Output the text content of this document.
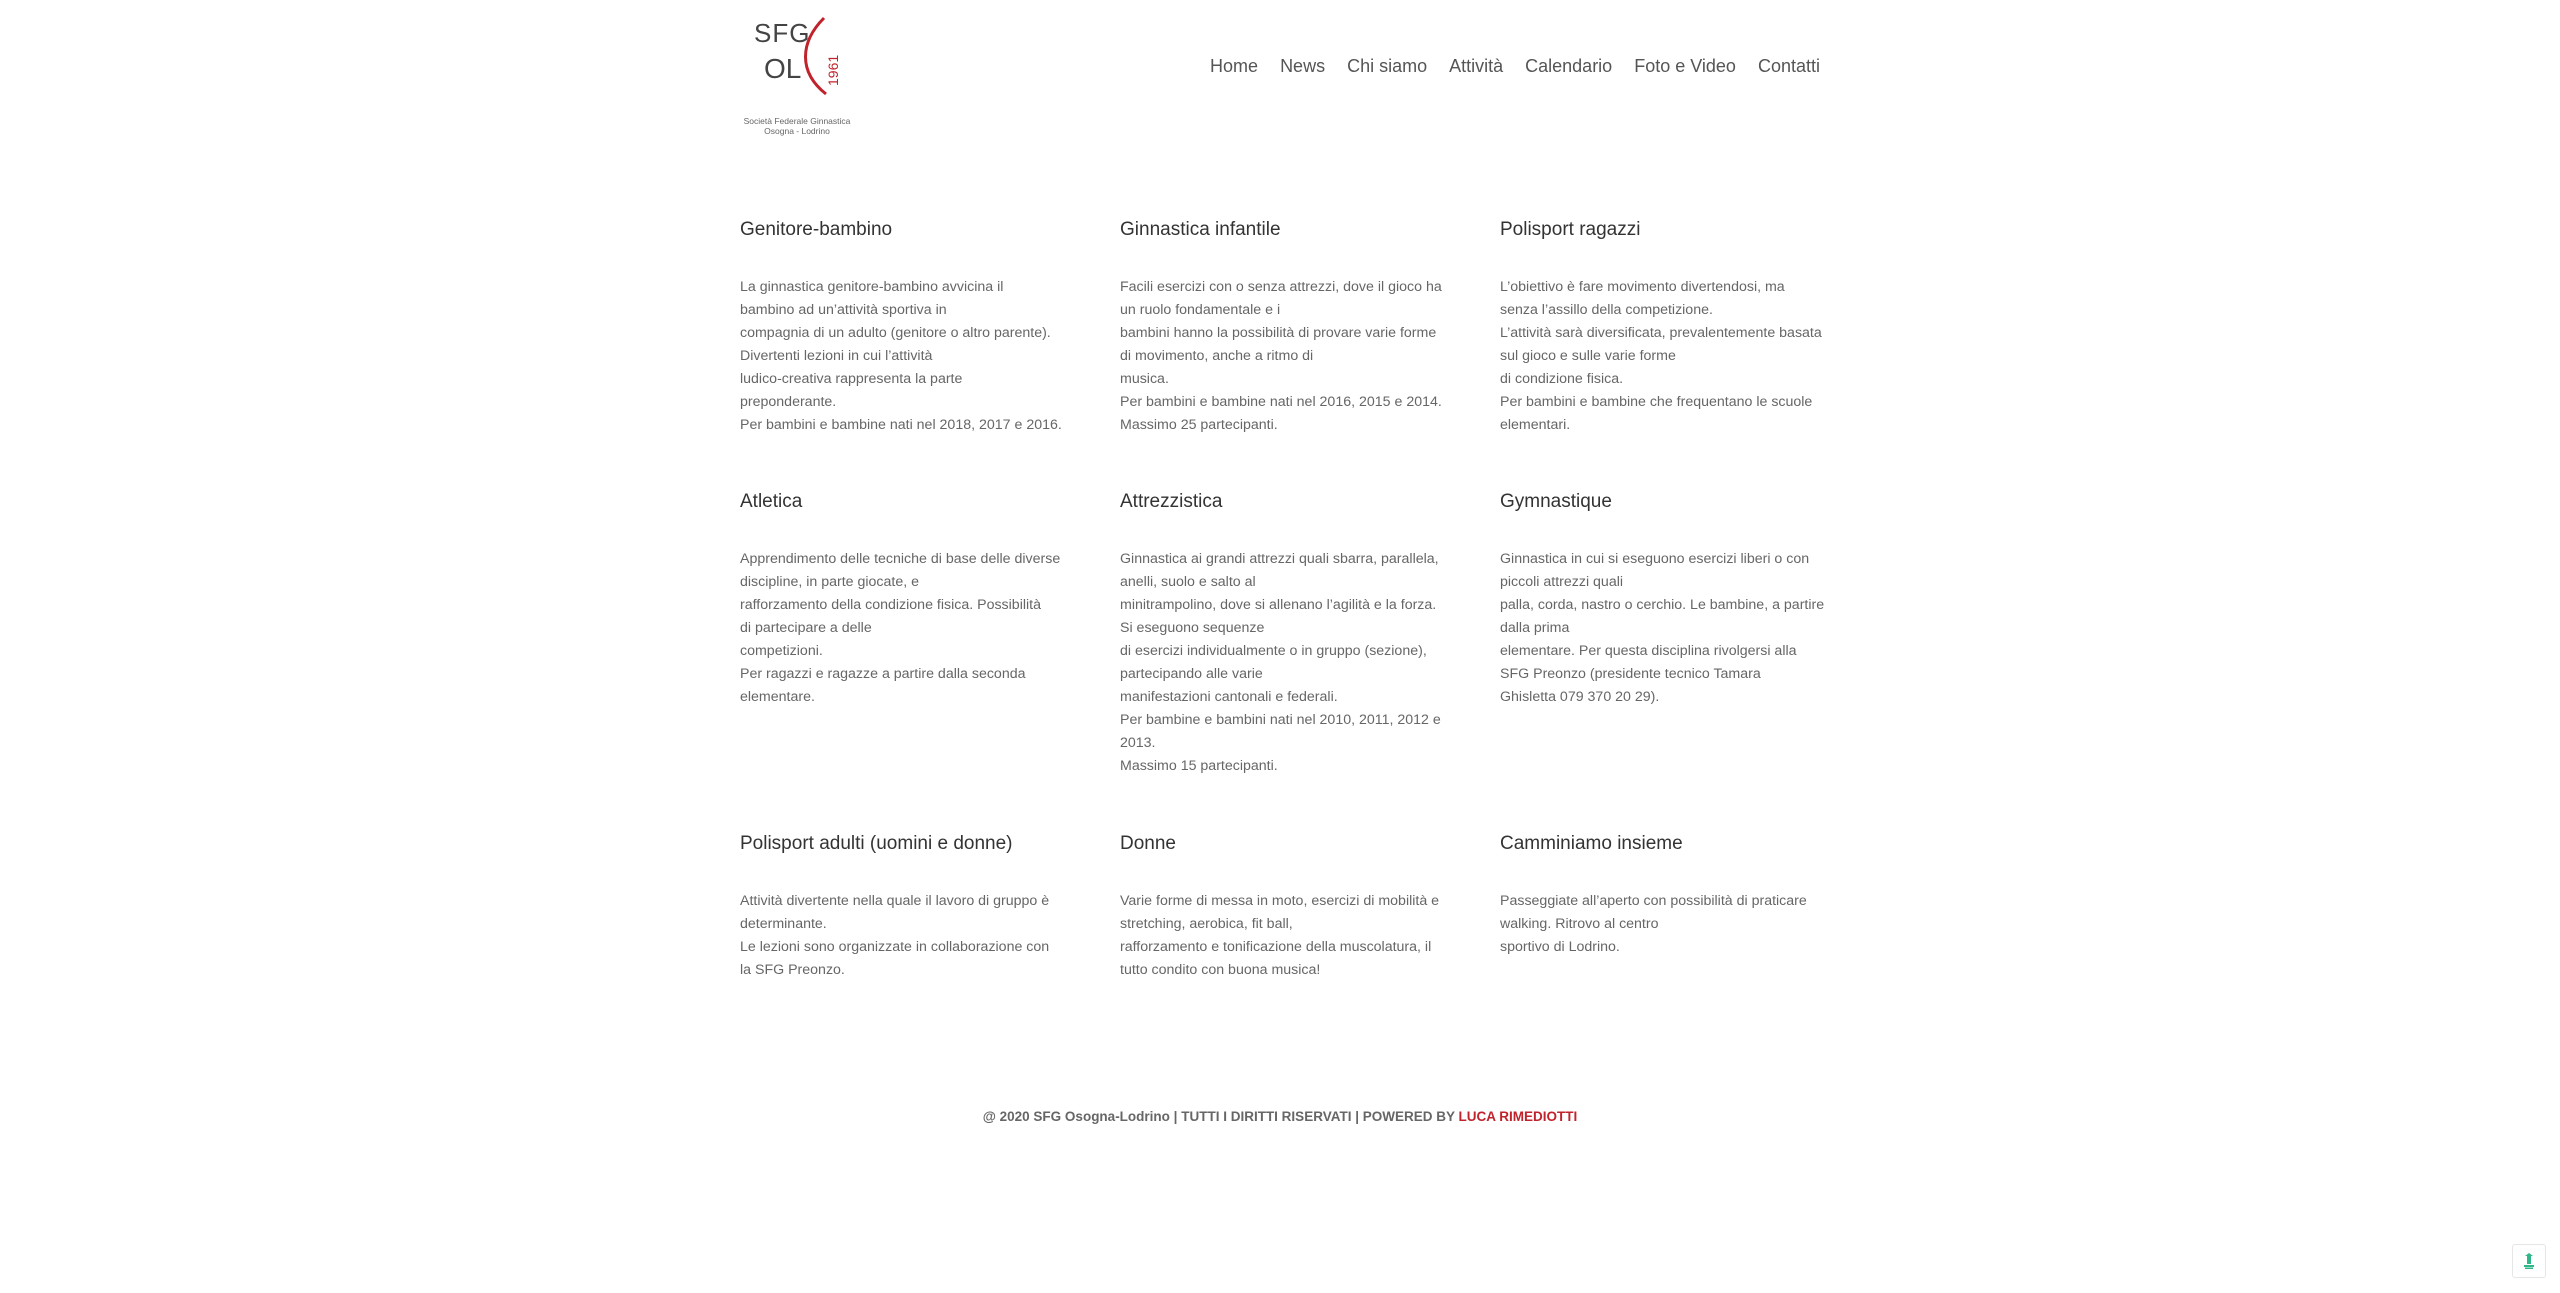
SFG
OL 1961
Società Federale Ginnastica
Osogna - Lodrino
Home News Chi siamo Attività Calendario Foto e Video Contatti
Genitore-bambino
La ginnastica genitore-bambino avvicina il
bambino ad un’attività sportiva in
compagnia di un adulto (genitore o altro parente).
Divertenti lezioni in cui l’attività
ludico-creativa rappresenta la parte
preponderante.
Per bambini e bambine nati nel 2018, 2017 e 2016.
Ginnastica infantile
Facili esercizi con o senza attrezzi, dove il gioco ha
un ruolo fondamentale e i
bambini hanno la possibilità di provare varie forme
di movimento, anche a ritmo di
musica.
Per bambini e bambine nati nel 2016, 2015 e 2014.
Massimo 25 partecipanti.
Polisport ragazzi
L’obiettivo è fare movimento divertendosi, ma
senza l’assillo della competizione.
L’attività sarà diversificata, prevalentemente basata
sul gioco e sulle varie forme
di condizione fisica.
Per bambini e bambine che frequentano le scuole
elementari.
Atletica
Apprendimento delle tecniche di base delle diverse
discipline, in parte giocate, e
rafforzamento della condizione fisica. Possibilità
di partecipare a delle
competizioni.
Per ragazzi e ragazze a partire dalla seconda
elementare.
Attrezzistica
Ginnastica ai grandi attrezzi quali sbarra, parallela,
anelli, suolo e salto al
minitrampolino, dove si allenano l’agilità e la forza.
Si eseguono sequenze
di esercizi individualmente o in gruppo (sezione),
partecipando alle varie
manifestazioni cantonali e federali.
Per bambine e bambini nati nel 2010, 2011, 2012 e
2013.
Massimo 15 partecipanti.
Gymnastique
Ginnastica in cui si eseguono esercizi liberi o con
piccoli attrezzi quali
palla, corda, nastro o cerchio. Le bambine, a partire
dalla prima
elementare. Per questa disciplina rivolgersi alla
SFG Preonzo (presidente tecnico Tamara
Ghisletta 079 370 20 29).
Polisport adulti (uomini e donne)
Attività divertente nella quale il lavoro di gruppo è
determinante.
Le lezioni sono organizzate in collaborazione con
la SFG Preonzo.
Donne
Varie forme di messa in moto, esercizi di mobilità e
stretching, aerobica, fit ball,
rafforzamento e tonificazione della muscolatura, il
tutto condito con buona musica!
Camminiamo insieme
Passeggiate all’aperto con possibilità di praticare
walking. Ritrovo al centro
sportivo di Lodrino.
@ 2020 SFG Osogna-Lodrino | TUTTI I DIRITTI RISERVATI | POWERED BY LUCA RIMEDIOTTI
